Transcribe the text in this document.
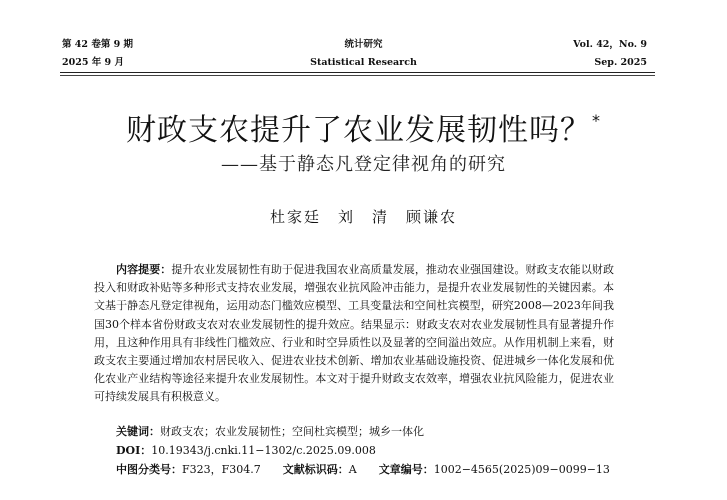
第 42 卷第 9 期
2025 年 9 月
统计研究
Statistical Research
Vol. 42，No. 9
Sep. 2025
财政支农提升了农业发展韧性吗？*
——基于静态凡登定律视角的研究
杜家廷　刘　清　顾谦农
内容提要：提升农业发展韧性有助于促进我国农业高质量发展，推动农业强国建设。财政支农能以财政投入和财政补贴等多种形式支持农业发展，增强农业抗风险冲击能力，是提升农业发展韧性的关键因素。本文基于静态凡登定律视角，运用动态门槛效应模型、工具变量法和空间杜宾模型，研究2008—2023年间我国30个样本省份财政支农对农业发展韧性的提升效应。结果显示：财政支农对农业发展韧性具有显著提升作用，且这种作用具有非线性门槛效应、行业和时空异质性以及显著的空间溢出效应。从作用机制上来看，财政支农主要通过增加农村居民收入、促进农业技术创新、增加农业基础设施投资、促进城乡一体化发展和优化农业产业结构等途径来提升农业发展韧性。本文对于提升财政支农效率，增强农业抗风险能力，促进农业可持续发展具有积极意义。
关键词：财政支农；农业发展韧性；空间杜宾模型；城乡一体化
DOI：10.19343/j.cnki.11−1302/c.2025.09.008
中图分类号：F323，F304.7 文献标识码：A 文章编号：1002−4565(2025)09−0099−13
